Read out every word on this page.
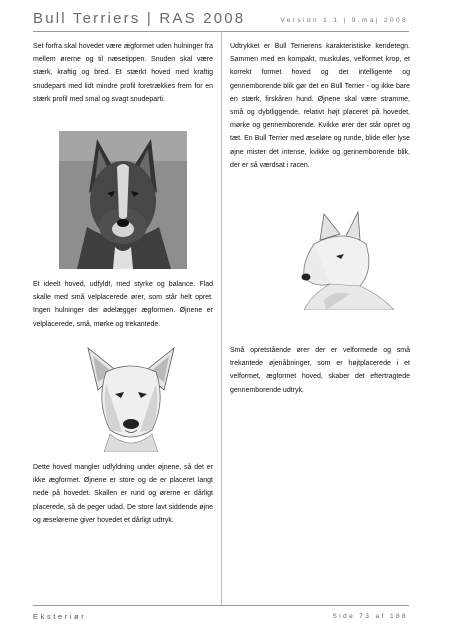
Bull Terriers | RAS 2008	Version 1.1 | 9.maj 2008
Set forfra skal hovedet være ægformet uden hulninger fra mellem ørerne og til næsetippen. Snuden skal være stærk, kraftig og bred. Et stærkt hoved med kraftig snudeparti med lidt mindre profil foretrækkes frem for en stærk profil med smal og svagt snudeparti.
Et ideelt hoved, udfyldt, med styrke og balance. Flad skalle med små velplacerede ører, som står helt opret. Ingen hulninger der ødelægger ægformen. Øjnene er velplacerede, små, mørke og trekantede.
Dette hoved mangler udfyldning under øjnene, så det er ikke ægformet. Øjnene er store og de er placeret langt nede på hovedet. Skallen er rund og ørerne er dårligt placerede, så de peger udad. De store lavt siddende øjne og æseløreme giver hovedet et dårligt udtryk.
Udtrykket er Bull Terrierens karakteristiske kendetegn. Sammen med en kompakt, muskuløs, velformet krop, et korrekt formet hoved og det intelligente og gennemborende blik gør det en Bull Terrier - og ikke bare en stærk, firskåren hund. Øjnene skal være stramme, små og dybtliggende, relativt højt placeret på hovedet, mørke og gennemborende. Kvikke ører der står opret og tæt. En Bull Terrier med æseløre og runde, blide eller lyse øjne mister det intense, kvikke og gennemborende blik, der er så værdsat i racen.
Små opretstående ører der er velformede og små trekantede øjenåbninger, som er højtplacerede i et velformet, ægformet hoved, skaber det eftertragtede gennemborende udtryk.
Eksteriør	Side 73 af 188
